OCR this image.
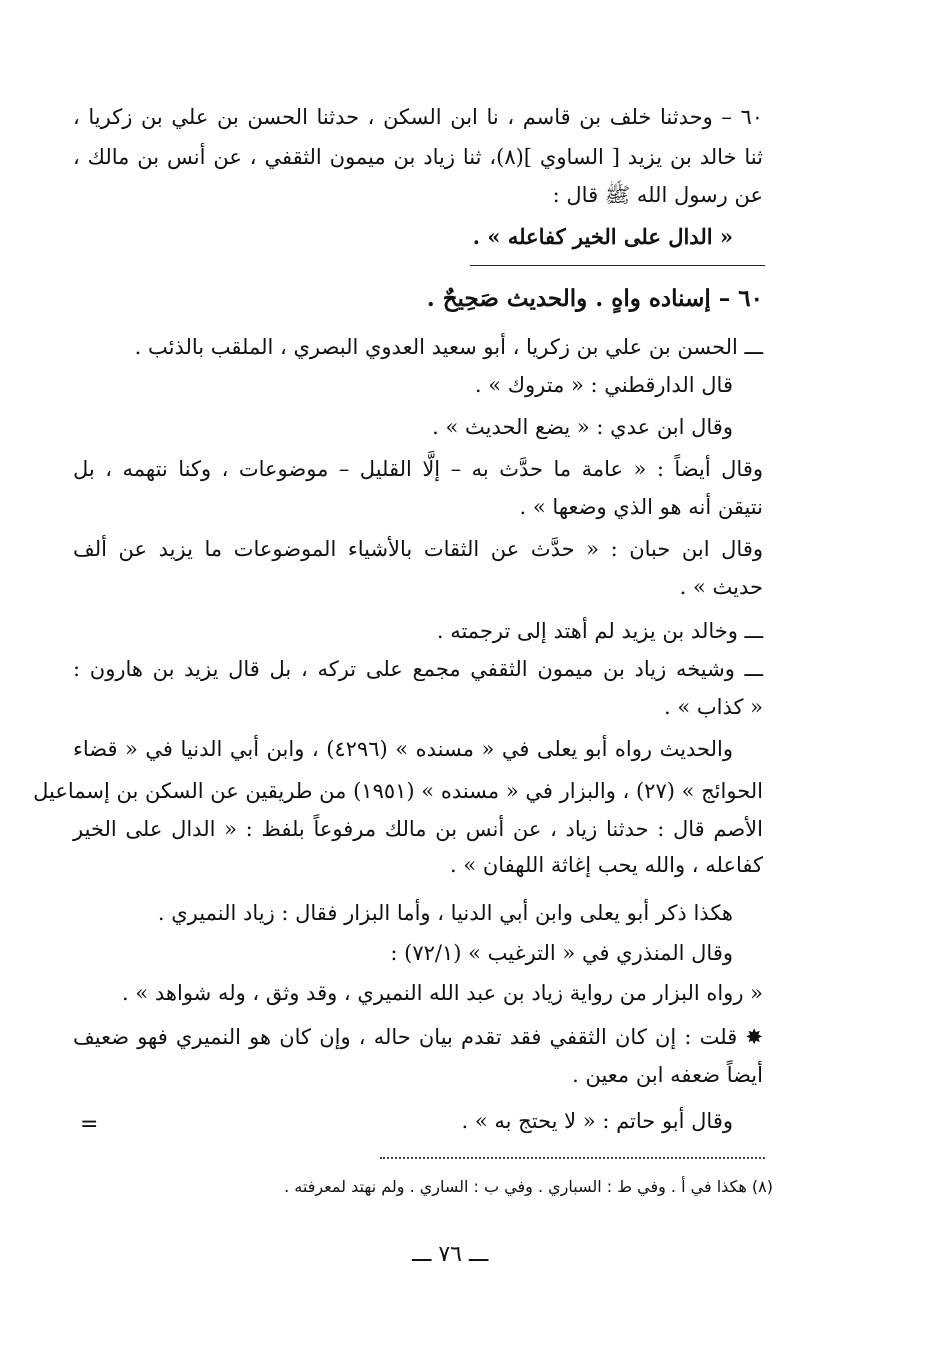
٦٠ – وحدثنا خلف بن قاسم ، نا ابن السكن ، حدثنا الحسن بن علي بن زكريا ،
ثنا خالد بن يزيد [ الساوي ](٨)، ثنا زياد بن ميمون الثقفي ، عن أنس بن مالك ،
عن رسول الله ﷺ قال :
« الدال على الخير كفاعله » .
٦٠ – إسناده واهٍ . والحديث صَحِيحٌ .
ـــ الحسن بن علي بن زكريا ، أبو سعيد العدوي البصري ، الملقب بالذئب .
قال الدارقطني : « متروك » .
وقال ابن عدي : « يضع الحديث » .
وقال أيضاً : « عامة ما حدَّث به – إلَّا القليل – موضوعات ، وكنا نتهمه ، بل
نتيقن أنه هو الذي وضعها » .
وقال ابن حبان : « حدَّث عن الثقات بالأشياء الموضوعات ما يزيد عن ألف
حديث » .
ـــ وخالد بن يزيد لم أهتد إلى ترجمته .
ـــ وشيخه زياد بن ميمون الثقفي مجمع على تركه ، بل قال يزيد بن هارون :
« كذاب » .
والحديث رواه أبو يعلى في « مسنده » (٤٢٩٦) ، وابن أبي الدنيا في « قضاء
الحوائج » (٢٧) ، والبزار في « مسنده » (١٩٥١) من طريقين عن السكن بن إسماعيل
الأصم قال : حدثنا زياد ، عن أنس بن مالك مرفوعاً بلفظ : « الدال على الخير
كفاعله ، والله يحب إغاثة اللهفان » .
هكذا ذكر أبو يعلى وابن أبي الدنيا ، وأما البزار فقال : زياد النميري .
وقال المنذري في « الترغيب » (٧٢/١) :
« رواه البزار من رواية زياد بن عبد الله النميري ، وقد وثق ، وله شواهد » .
✸ قلت : إن كان الثقفي فقد تقدم بيان حاله ، وإن كان هو النميري فهو ضعيف
أيضاً ضعفه ابن معين .
وقال أبو حاتم : « لا يحتج به » .
=
(٨) هكذا في أ . وفي ط : السباري . وفي ب : الساري . ولم نهتد لمعرفته .
ـــ ٧٦ ـــ
